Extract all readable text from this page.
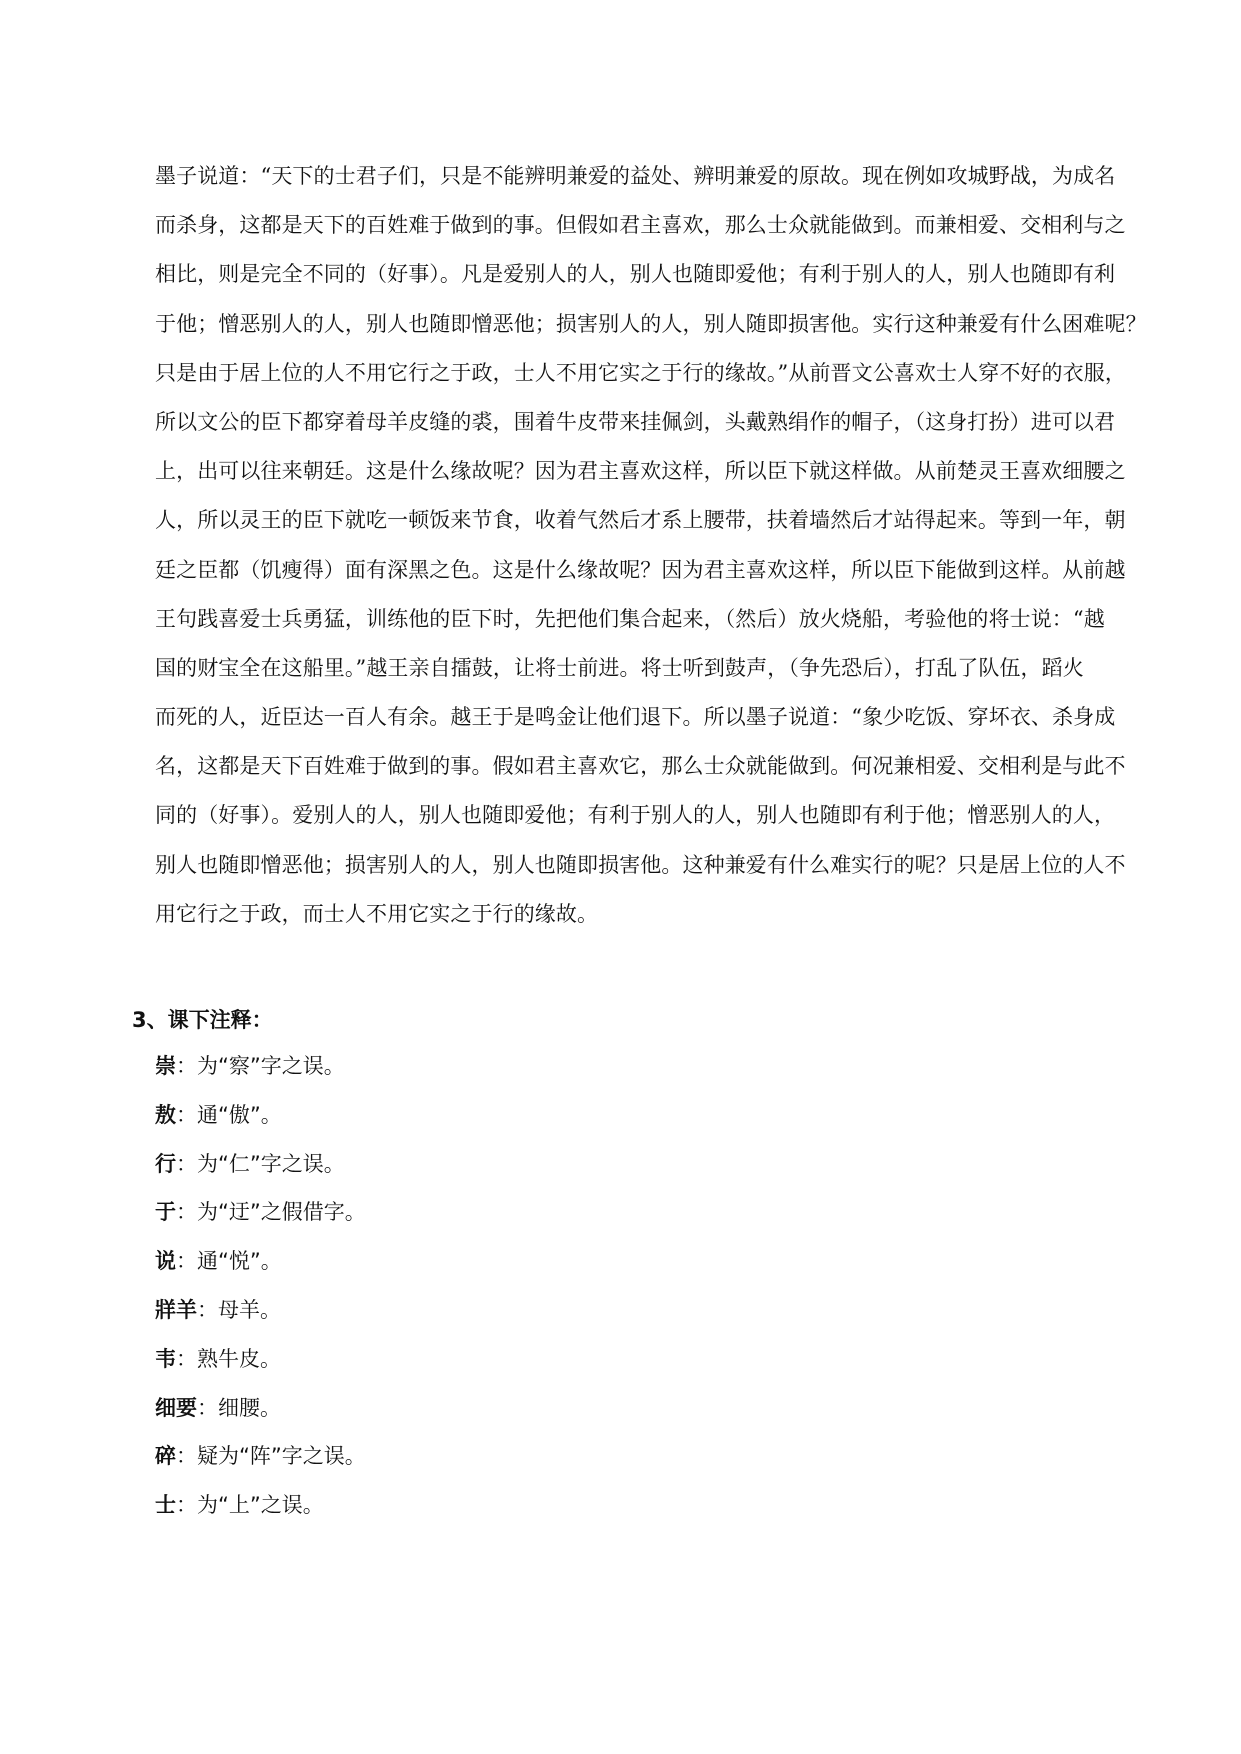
墨子说道：“天下的士君子们，只是不能辨明兼爱的益处、辨明兼爱的原故。现在例如攻城野战，为成名
而杀身，这都是天下的百姓难于做到的事。但假如君主喜欢，那么士众就能做到。而兼相爱、交相利与之
相比，则是完全不同的（好事）。凡是爱别人的人，别人也随即爱他；有利于别人的人，别人也随即有利
于他；憎恶别人的人，别人也随即憎恶他；损害别人的人，别人随即损害他。实行这种兼爱有什么困难呢？
只是由于居上位的人不用它行之于政，士人不用它实之于行的缘故。”从前晋文公喜欢士人穿不好的衣服，
所以文公的臣下都穿着母羊皮缝的裘，围着牛皮带来挂佩剑，头戴熟绢作的帽子，（这身打扮）进可以君
上，出可以往来朝廷。这是什么缘故呢？因为君主喜欢这样，所以臣下就这样做。从前楚灵王喜欢细腰之
人，所以灵王的臣下就吃一顿饭来节食，收着气然后才系上腰带，扶着墙然后才站得起来。等到一年，朝
廷之臣都（饥瘦得）面有深黑之色。这是什么缘故呢？因为君主喜欢这样，所以臣下能做到这样。从前越
王句践喜爱士兵勇猛，训练他的臣下时，先把他们集合起来，（然后）放火烧船，考验他的将士说：“越
国的财宝全在这船里。”越王亲自擂鼓，让将士前进。将士听到鼓声，（争先恐后），打乱了队伍，蹈火
而死的人，近臣达一百人有余。越王于是鸣金让他们退下。所以墨子说道：“象少吃饭、穿坏衣、杀身成
名，这都是天下百姓难于做到的事。假如君主喜欢它，那么士众就能做到。何况兼相爱、交相利是与此不
同的（好事）。爱别人的人，别人也随即爱他；有利于别人的人，别人也随即有利于他；憎恶别人的人，
别人也随即憎恶他；损害别人的人，别人也随即损害他。这种兼爱有什么难实行的呢？只是居上位的人不
用它行之于政，而士人不用它实之于行的缘故。
3、课下注释：
崇：为“察”字之误。
敖：通“傲”。
行：为“仁”字之误。
于：为“迂”之假借字。
说：通“悦”。
牂羊：母羊。
韦：熟牛皮。
细要：细腰。
碎：疑为“阵”字之误。
士：为“上”之误。
